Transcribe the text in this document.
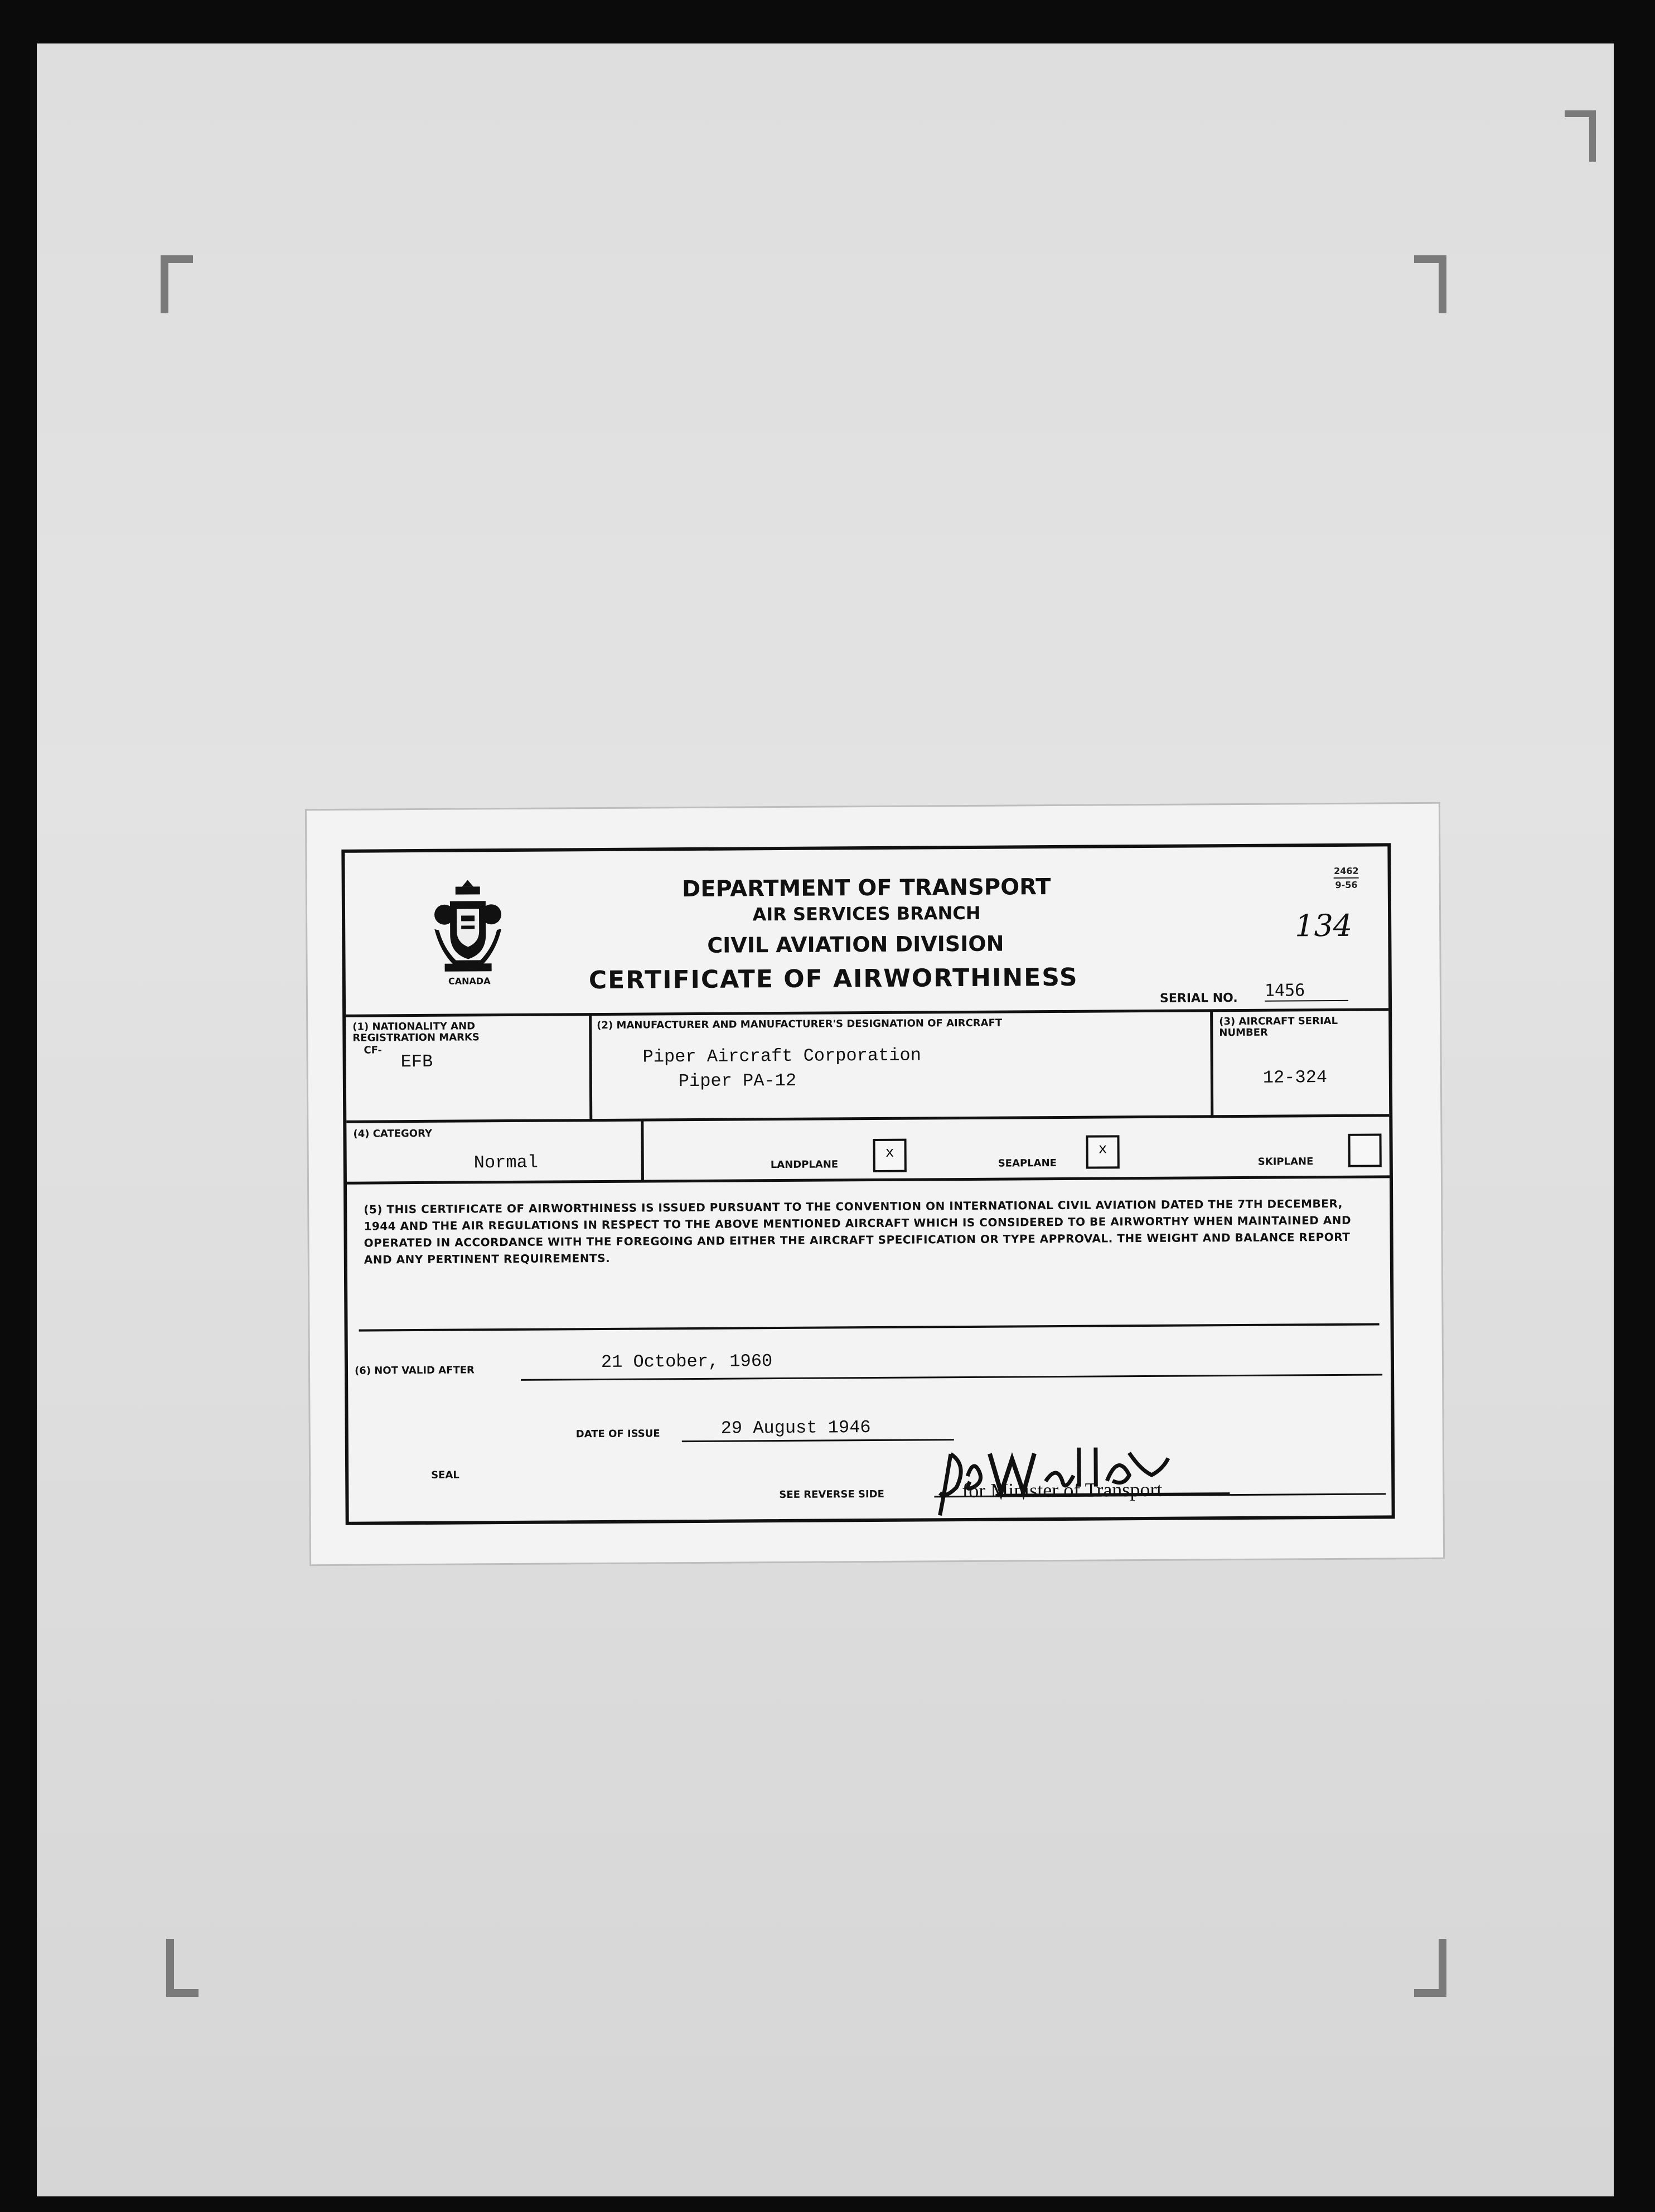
CANADA
DEPARTMENT OF TRANSPORT
AIR SERVICES BRANCH
CIVIL AVIATION DIVISION
CERTIFICATE OF AIRWORTHINESS
2462
9-56
134
SERIAL NO. 1456
(1) NATIONALITY AND REGISTRATION MARKS
CF-
EFB
(2) MANUFACTURER AND MANUFACTURER'S DESIGNATION OF AIRCRAFT
Piper Aircraft Corporation
Piper PA-12
(3) AIRCRAFT SERIAL NUMBER
12-324
(4) CATEGORY
Normal	LANDPLANE
x
SEAPLANE
x
SKIPLANE
(5) THIS CERTIFICATE OF AIRWORTHINESS IS ISSUED PURSUANT TO THE CONVENTION ON INTERNATIONAL CIVIL AVIATION DATED THE 7TH DECEMBER, 1944 AND THE AIR REGULATIONS IN RESPECT TO THE ABOVE MENTIONED AIRCRAFT WHICH IS CONSIDERED TO BE AIRWORTHY WHEN MAINTAINED AND OPERATED IN ACCORDANCE WITH THE FOREGOING AND EITHER THE AIRCRAFT SPECIFICATION OR TYPE APPROVAL. THE WEIGHT AND BALANCE REPORT AND ANY PERTINENT REQUIREMENTS.
(6) NOT VALID AFTER	21 October, 1960
DATE OF ISSUE	29 August 1946
SEAL
SEE REVERSE SIDE	for Minister of Transport
